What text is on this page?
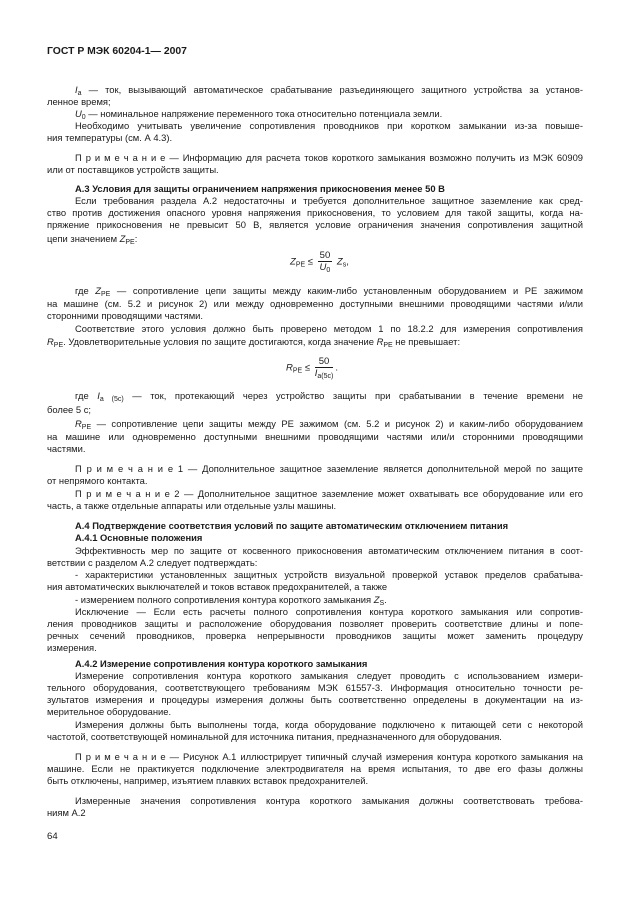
ГОСТ Р МЭК 60204-1— 2007
$I_a$ — ток, вызывающий автоматическое срабатывание разъединяющего защитного устройства за установ-
ленное время;
$U_0$ — номинальное напряжение переменного тока относительно потенциала земли.
Необходимо учитывать увеличение сопротивления проводников при коротком замыкании из-за повыше-
ния температуры (см. А 4.3).
П р и м е ч а н и е — Информацию для расчета токов короткого замыкания возможно получить из МЭК 60909
или от поставщиков устройств защиты.
А.3 Условия для защиты ограничением напряжения прикосновения менее 50 В
Если требования раздела А.2 недостаточны и требуется дополнительное защитное заземление как сред-
ство против достижения опасного уровня напряжения прикосновения, то условием для такой защиты, когда на-
пряжение прикосновения не превысит 50 В, является условие ограничения значения сопротивления защитной
цепи значением $Z_{PE}$:
где $Z_{PE}$ — сопротивление цепи защиты между каким-либо установленным оборудованием и РЕ зажимом
на машине (см. 5.2 и рисунок 2) или между одновременно доступными внешними проводящими частями и/или
сторонними проводящими частями.
Соответствие этого условия должно быть проверено методом 1 по 18.2.2 для измерения сопротивления
$R_{PE}$. Удовлетворительные условия по защите достигаются, когда значение $R_{PE}$ не превышает:
где $I_{a (5с)}$ — ток, протекающий через устройство защиты при срабатывании в течение времени не
более 5 с;
$R_{PE}$ — сопротивление цепи защиты между РЕ зажимом (см. 5.2 и рисунок 2) и каким-либо оборудованием
на машине или одновременно доступными внешними проводящими частями или/и сторонними проводящими
частями.
П р и м е ч а н и е 1 — Дополнительное защитное заземление является дополнительной мерой по защите
от непрямого контакта.
П р и м е ч а н и е 2 — Дополнительное защитное заземление может охватывать все оборудование или его
часть, а также отдельные аппараты или отдельные узлы машины.
А.4 Подтверждение соответствия условий по защите автоматическим отключением питания
А.4.1 Основные положения
Эффективность мер по защите от косвенного прикосновения автоматическим отключением питания в соот-
ветствии с разделом А.2 следует подтверждать:
- характеристики установленных защитных устройств визуальной проверкой уставок пределов срабатыва-
ния автоматических выключателей и токов вставок предохранителей, а также
- измерением полного сопротивления контура короткого замыкания $Z_S$.
Исключение — Если есть расчеты полного сопротивления контура короткого замыкания или сопротив-
ления проводников защиты и расположение оборудования позволяет проверить соответствие длины и попе-
речных сечений проводников, проверка непрерывности проводников защиты может заменить процедуру
измерения.
А.4.2 Измерение сопротивления контура короткого замыкания
Измерение сопротивления контура короткого замыкания следует проводить с использованием измери-
тельного оборудования, соответствующего требованиям МЭК 61557-3. Информация относительно точности ре-
зультатов измерения и процедуры измерения должны быть соответственно определены в документации на из-
мерительное оборудование.
Измерения должны быть выполнены тогда, когда оборудование подключено к питающей сети с некоторой
частотой, соответствующей номинальной для источника питания, предназначенного для оборудования.
П р и м е ч а н и е — Рисунок А.1 иллюстрирует типичный случай измерения контура короткого замыкания на
машине. Если не практикуется подключение электродвигателя на время испытания, то две его фазы должны
быть отключены, например, изъятием плавких вставок предохранителей.
Измеренные значения сопротивления контура короткого замыкания должны соответствовать требова-
ниям А.2
$Z_{PE} \le \frac{50}{U_0} Z_s$,
$R_{PE} \le \frac{50}{I_{a(5с)}}$ .
64
